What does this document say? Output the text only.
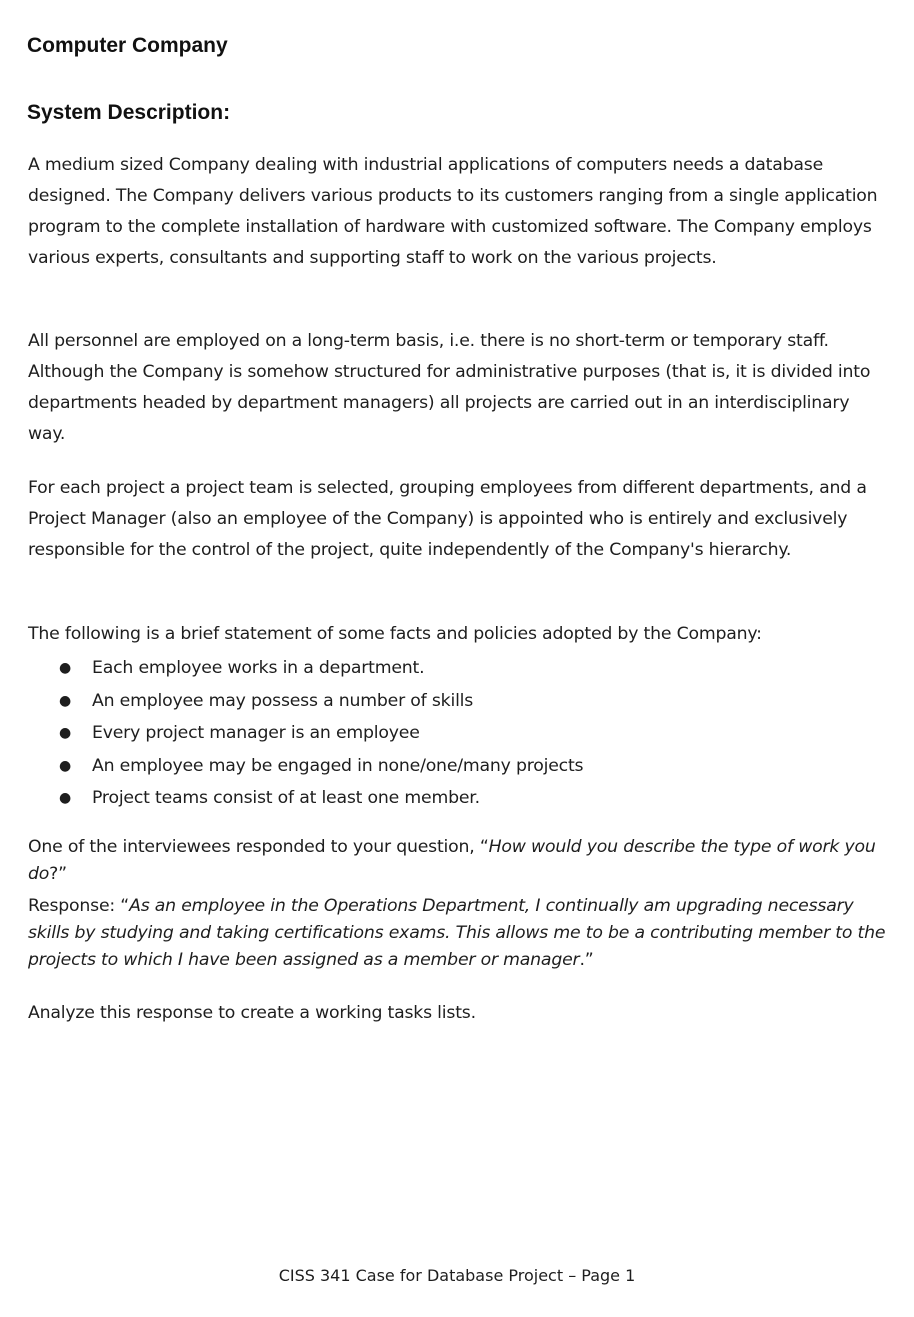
Computer Company
System Description:

A medium sized Company dealing with industrial applications of computers needs a database designed. The Company delivers various products to its customers ranging from a single application program to the complete installation of hardware with customized software. The Company employs various experts, consultants and supporting staff to work on the various projects.

All personnel are employed on a long-term basis, i.e. there is no short-term or temporary staff. Although the Company is somehow structured for administrative purposes (that is, it is divided into departments headed by department managers) all projects are carried out in an interdisciplinary way.

For each project a project team is selected, grouping employees from different departments, and a Project Manager (also an employee of the Company) is appointed who is entirely and exclusively responsible for the control of the project, quite independently of the Company's hierarchy.

The following is a brief statement of some facts and policies adopted by the Company:

● Each employee works in a department.
● An employee may possess a number of skills
● Every project manager is an employee
● An employee may be engaged in none/one/many projects
● Project teams consist of at least one member.

One of the interviewees responded to your question, “How would you describe the type of work you do?”

Response: “As an employee in the Operations Department, I continually am upgrading necessary skills by studying and taking certifications exams. This allows me to be a contributing member to the projects to which I have been assigned as a member or manager.”

Analyze this response to create a working tasks lists.

CISS 341 Case for Database Project – Page 1
